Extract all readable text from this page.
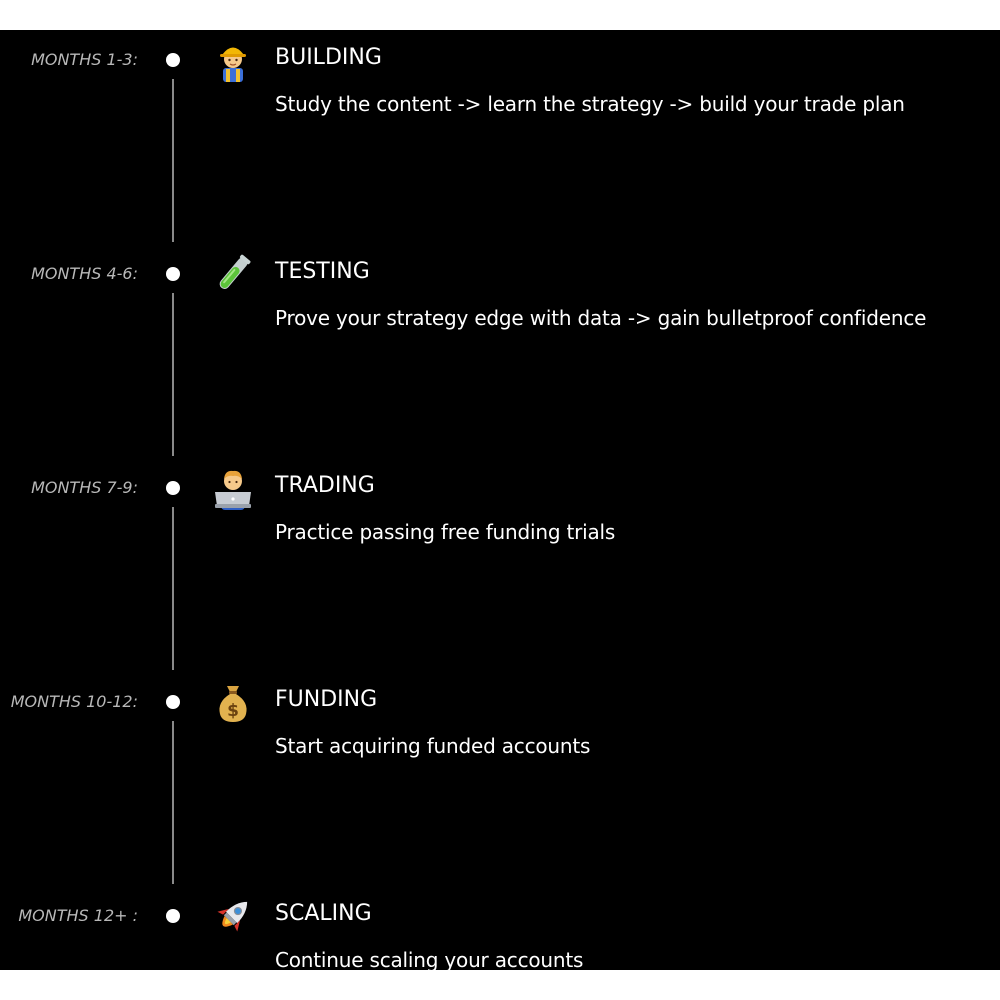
MONTHS 1-3:	BUILDING
Study the content -> learn the strategy -> build your trade plan
MONTHS 4-6:	TESTING
Prove your strategy edge with data -> gain bulletproof confidence
MONTHS 7-9:	TRADING
Practice passing free funding trials
MONTHS 10-12:	$ FUNDING
Start acquiring funded accounts
MONTHS 12+ :	SCALING
Continue scaling your accounts
